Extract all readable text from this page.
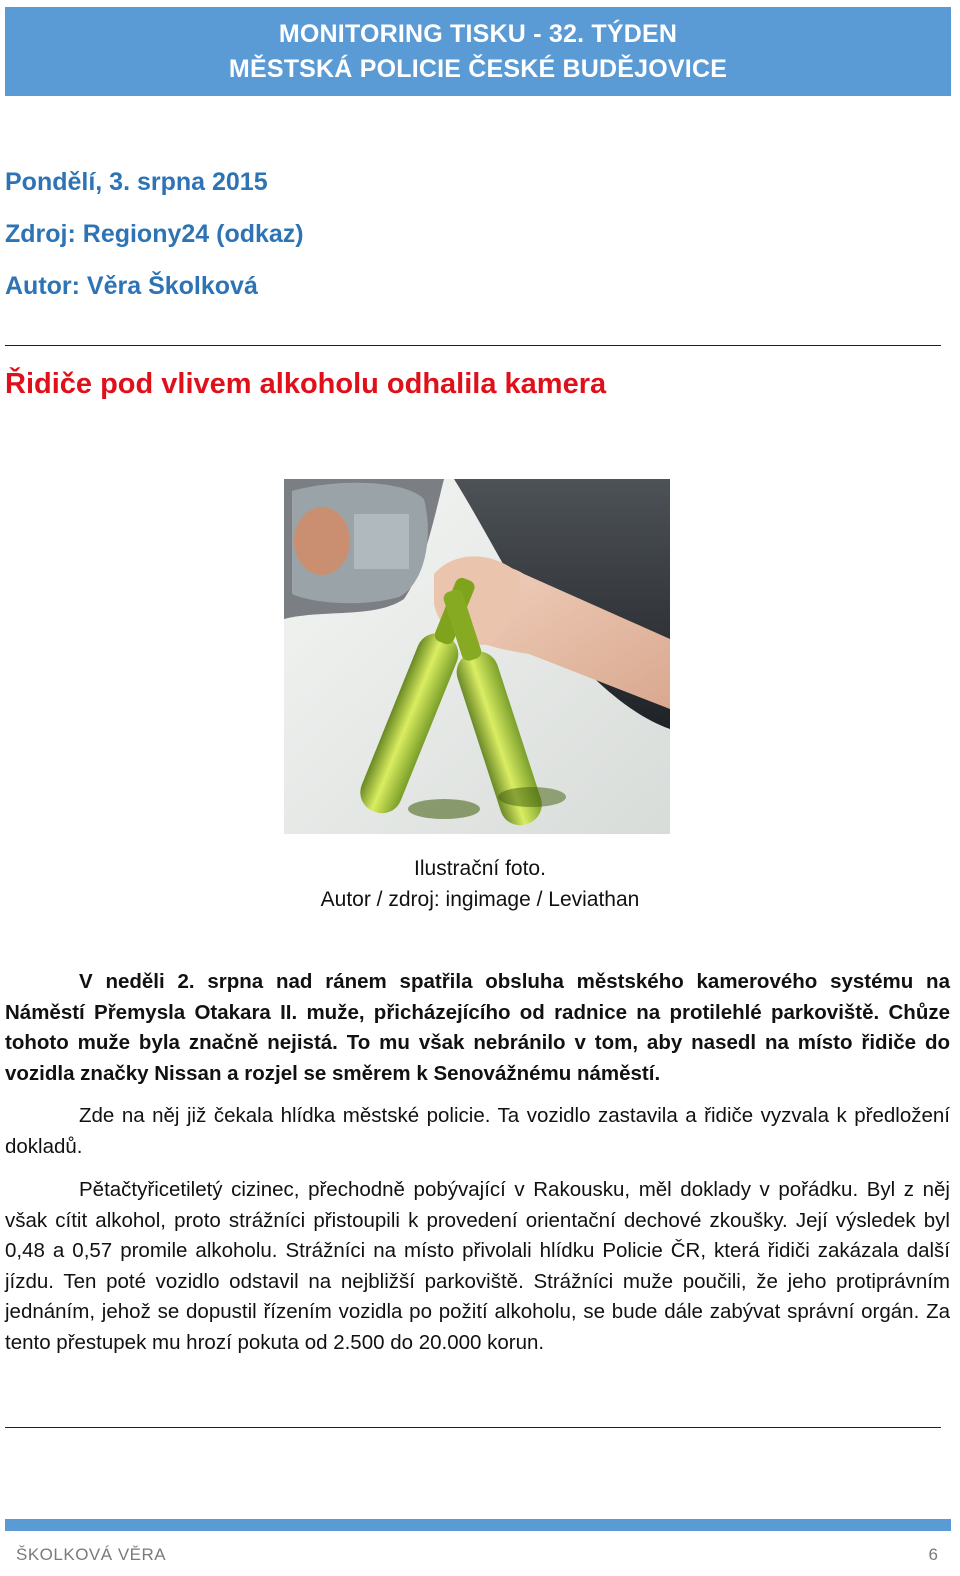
MONITORING TISKU - 32. TÝDEN
MĚSTSKÁ POLICIE ČESKÉ BUDĚJOVICE
Pondělí, 3. srpna 2015
Zdroj: Regiony24 (odkaz)
Autor: Věra Školková
Řidiče pod vlivem alkoholu odhalila kamera
Ilustrační foto.
Autor / zdroj: ingimage / Leviathan

V neděli 2. srpna nad ránem spatřila obsluha městského kamerového systému na Náměstí Přemysla Otakara II. muže, přicházejícího od radnice na protilehlé parkoviště. Chůze tohoto muže byla značně nejistá. To mu však nebránilo v tom, aby nasedl na místo řidiče do vozidla značky Nissan a rozjel se směrem k Senovážnému náměstí.

Zde na něj již čekala hlídka městské policie. Ta vozidlo zastavila a řidiče vyzvala k předložení dokladů.

Pětačtyřicetiletý cizinec, přechodně pobývající v Rakousku, měl doklady v pořádku. Byl z něj však cítit alkohol, proto strážníci přistoupili k provedení orientační dechové zkoušky. Její výsledek byl 0,48 a 0,57 promile alkoholu. Strážníci na místo přivolali hlídku Policie ČR, která řidiči zakázala další jízdu. Ten poté vozidlo odstavil na nejbližší parkoviště. Strážníci muže poučili, že jeho protiprávním jednáním, jehož se dopustil řízením vozidla po požití alkoholu, se bude dále zabývat správní orgán. Za tento přestupek mu hrozí pokuta od 2.500 do 20.000 korun.

ŠKOLKOVÁ VĚRA	6
